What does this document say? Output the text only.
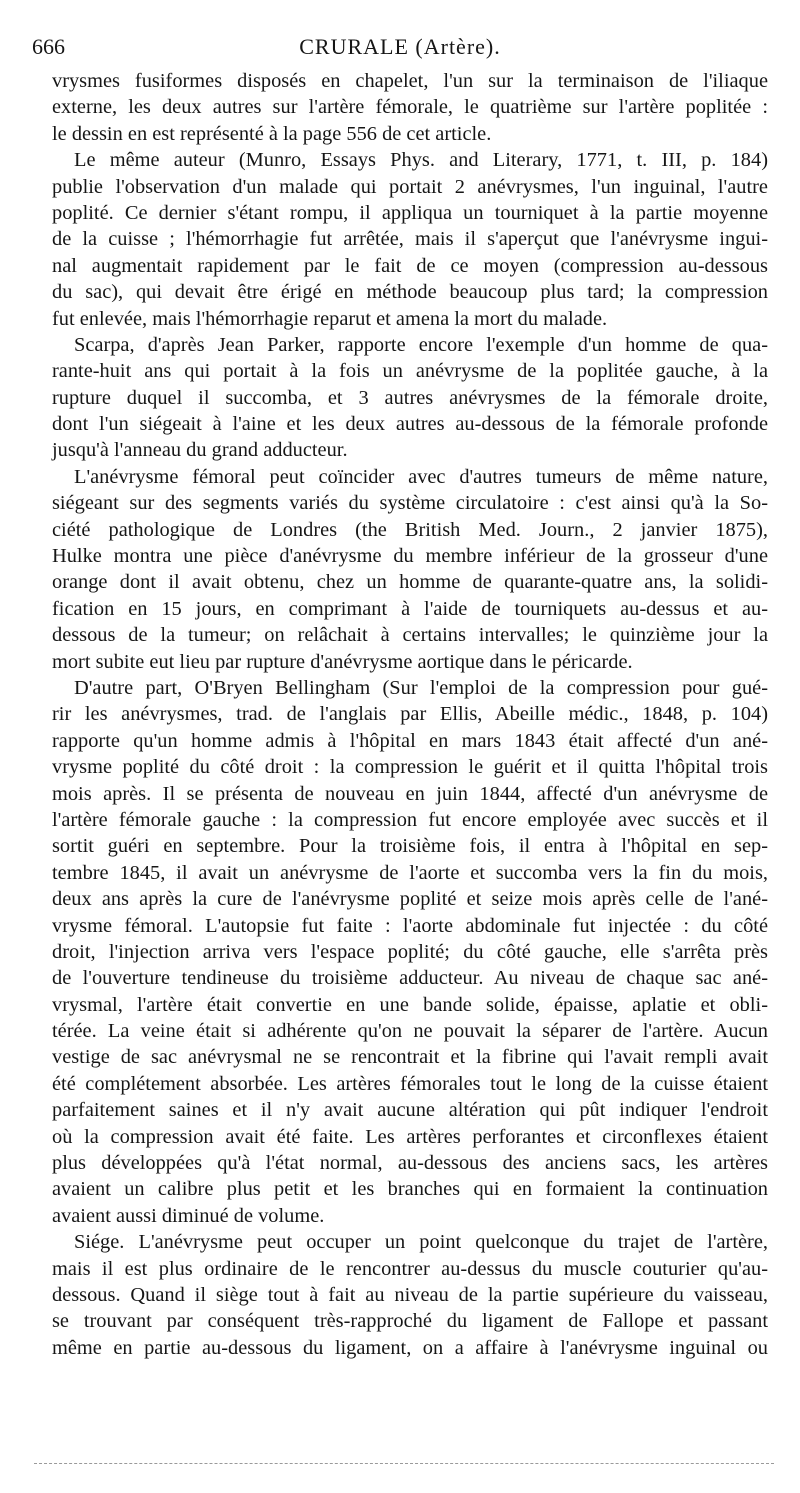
666	CRURALE (Artère).
vrysmes fusiformes disposés en chapelet, l'un sur la terminaison de l'iliaque
externe, les deux autres sur l'artère fémorale, le quatrième sur l'artère poplitée :
le dessin en est représenté à la page 556 de cet article.
Le même auteur (Munro, Essays Phys. and Literary, 1771, t. III, p. 184)
publie l'observation d'un malade qui portait 2 anévrysmes, l'un inguinal, l'autre
poplité. Ce dernier s'étant rompu, il appliqua un tourniquet à la partie moyenne
de la cuisse ; l'hémorrhagie fut arrêtée, mais il s'aperçut que l'anévrysme ingui-
nal augmentait rapidement par le fait de ce moyen (compression au-dessous
du sac), qui devait être érigé en méthode beaucoup plus tard; la compression
fut enlevée, mais l'hémorrhagie reparut et amena la mort du malade.
Scarpa, d'après Jean Parker, rapporte encore l'exemple d'un homme de qua-
rante-huit ans qui portait à la fois un anévrysme de la poplitée gauche, à la
rupture duquel il succomba, et 3 autres anévrysmes de la fémorale droite,
dont l'un siégeait à l'aine et les deux autres au-dessous de la fémorale profonde
jusqu'à l'anneau du grand adducteur.
L'anévrysme fémoral peut coïncider avec d'autres tumeurs de même nature,
siégeant sur des segments variés du système circulatoire : c'est ainsi qu'à la So-
ciété pathologique de Londres (the British Med. Journ., 2 janvier 1875),
Hulke montra une pièce d'anévrysme du membre inférieur de la grosseur d'une
orange dont il avait obtenu, chez un homme de quarante-quatre ans, la solidi-
fication en 15 jours, en comprimant à l'aide de tourniquets au-dessus et au-
dessous de la tumeur; on relâchait à certains intervalles; le quinzième jour la
mort subite eut lieu par rupture d'anévrysme aortique dans le péricarde.
D'autre part, O'Bryen Bellingham (Sur l'emploi de la compression pour gué-
rir les anévrysmes, trad. de l'anglais par Ellis, Abeille médic., 1848, p. 104)
rapporte qu'un homme admis à l'hôpital en mars 1843 était affecté d'un ané-
vrysme poplité du côté droit : la compression le guérit et il quitta l'hôpital trois
mois après. Il se présenta de nouveau en juin 1844, affecté d'un anévrysme de
l'artère fémorale gauche : la compression fut encore employée avec succès et il
sortit guéri en septembre. Pour la troisième fois, il entra à l'hôpital en sep-
tembre 1845, il avait un anévrysme de l'aorte et succomba vers la fin du mois,
deux ans après la cure de l'anévrysme poplité et seize mois après celle de l'ané-
vrysme fémoral. L'autopsie fut faite : l'aorte abdominale fut injectée : du côté
droit, l'injection arriva vers l'espace poplité; du côté gauche, elle s'arrêta près
de l'ouverture tendineuse du troisième adducteur. Au niveau de chaque sac ané-
vrysmal, l'artère était convertie en une bande solide, épaisse, aplatie et obli-
térée. La veine était si adhérente qu'on ne pouvait la séparer de l'artère. Aucun
vestige de sac anévrysmal ne se rencontrait et la fibrine qui l'avait rempli avait
été complétement absorbée. Les artères fémorales tout le long de la cuisse étaient
parfaitement saines et il n'y avait aucune altération qui pût indiquer l'endroit
où la compression avait été faite. Les artères perforantes et circonflexes étaient
plus développées qu'à l'état normal, au-dessous des anciens sacs, les artères
avaient un calibre plus petit et les branches qui en formaient la continuation
avaient aussi diminué de volume.
Siége. L'anévrysme peut occuper un point quelconque du trajet de l'artère,
mais il est plus ordinaire de le rencontrer au-dessus du muscle couturier qu'au-
dessous. Quand il siège tout à fait au niveau de la partie supérieure du vaisseau,
se trouvant par conséquent très-rapproché du ligament de Fallope et passant
même en partie au-dessous du ligament, on a affaire à l'anévrysme inguinal ou
